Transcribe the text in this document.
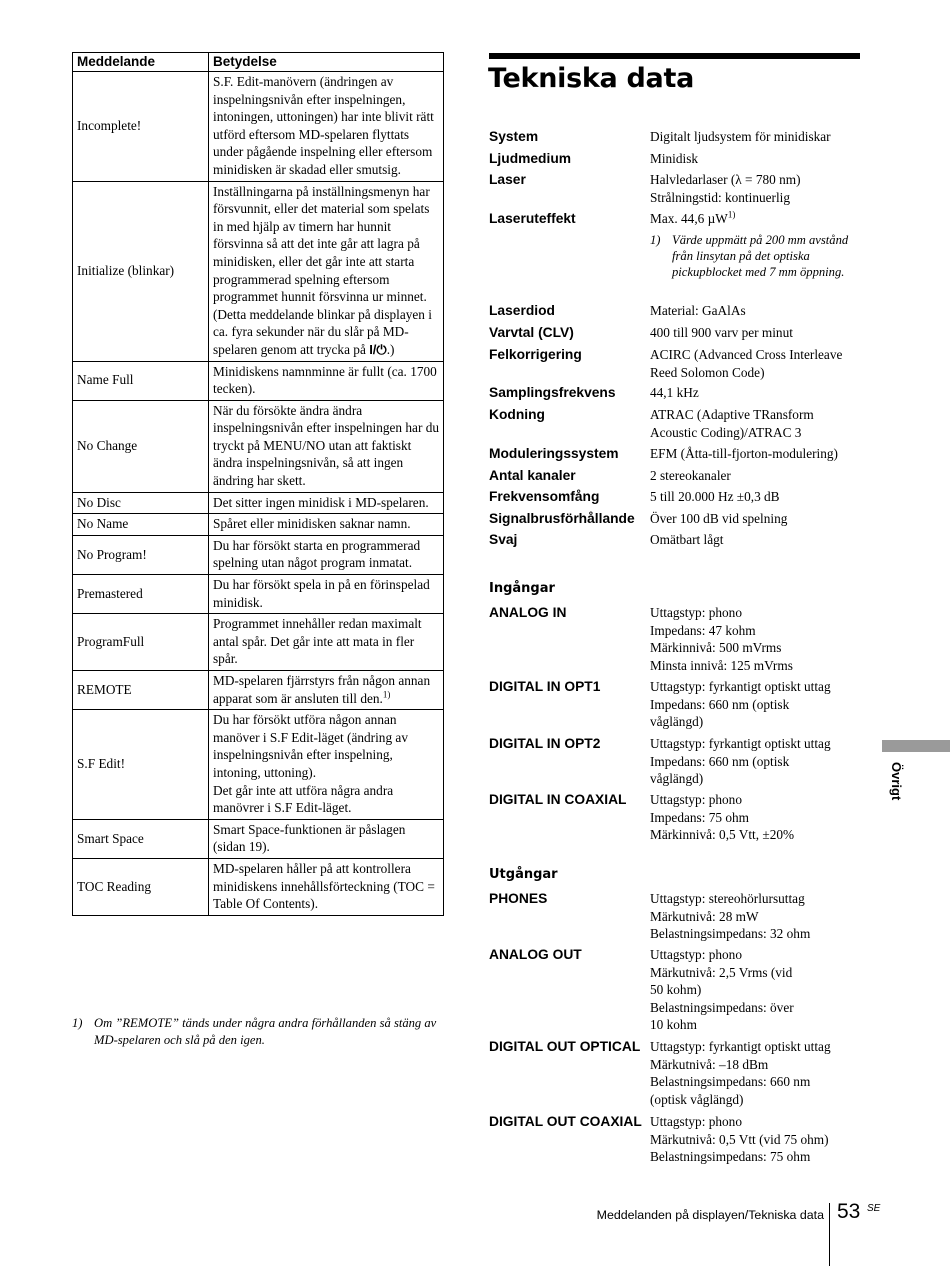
Meddelande	Betydelse
Incomplete!	S.F. Edit-manövern (ändringen av inspelningsnivån efter inspelningen, intoningen, uttoningen) har inte blivit rätt utförd eftersom MD-spelaren flyttats under pågående inspelning eller eftersom minidisken är skadad eller smutsig.
Initialize (blinkar)	Inställningarna på inställningsmenyn har försvunnit, eller det material som spelats in med hjälp av timern har hunnit försvinna så att det inte går att lagra på minidisken, eller det går inte att starta programmerad spelning eftersom programmet hunnit försvinna ur minnet.
(Detta meddelande blinkar på displayen i ca. fyra sekunder när du slår på MD-spelaren genom att trycka på I/⏻.)
Name Full	Minidiskens namnminne är fullt (ca. 1700 tecken).
No Change	När du försökte ändra ändra inspelningsnivån efter inspelningen har du tryckt på MENU/NO utan att faktiskt ändra inspelningsnivån, så att ingen ändring har skett.
No Disc	Det sitter ingen minidisk i MD-spelaren.
No Name	Spåret eller minidisken saknar namn.
No Program!	Du har försökt starta en programmerad spelning utan något program inmatat.
Premastered	Du har försökt spela in på en förinspelad minidisk.
ProgramFull	Programmet innehåller redan maximalt antal spår. Det går inte att mata in fler spår.
REMOTE	MD-spelaren fjärrstyrs från någon annan apparat som är ansluten till den.$^{1)}$
S.F Edit!	Du har försökt utföra någon annan manöver i S.F Edit-läget (ändring av inspelningsnivån efter inspelning, intoning, uttoning).
Det går inte att utföra några andra manövrer i S.F Edit-läget.
Smart Space	Smart Space-funktionen är påslagen (sidan 19).
TOC Reading	MD-spelaren håller på att kontrollera minidiskens innehållsförteckning (TOC = Table Of Contents).
1) Om ”REMOTE” tänds under några andra förhållanden så stäng av MD-spelaren och slå på den igen.
Tekniska data
System	Digitalt ljudsystem för minidiskar
Ljudmedium	Minidisk
Laser	Halvledarlaser (λ = 780 nm)
Strålningstid: kontinuerlig
Laseruteffekt	Max. 44,6 µW$^{1)}$
1) Värde uppmätt på 200 mm avstånd från linsytan på det optiska pickupblocket med 7 mm öppning.
Laserdiod	Material: GaAlAs
Varvtal (CLV)	400 till 900 varv per minut
Felkorrigering	ACIRC (Advanced Cross Interleave
Reed Solomon Code)
Samplingsfrekvens	44,1 kHz
Kodning	ATRAC (Adaptive TRansform
Acoustic Coding)/ATRAC 3
Moduleringssystem EFM (Åtta-till-fjorton-modulering)
Antal kanaler	2 stereokanaler
Frekvensomfång	5 till 20.000 Hz ±0,3 dB
Signalbrusförhållande Över 100 dB vid spelning
Svaj	Omätbart lågt
Ingångar
ANALOG IN	Uttagstyp: phono
Impedans: 47 kohm
Märkinnivå: 500 mVrms
Minsta innivå: 125 mVrms
DIGITAL IN OPT1	Uttagstyp: fyrkantigt optiskt uttag
Impedans: 660 nm (optisk
våglängd)
DIGITAL IN OPT2	Uttagstyp: fyrkantigt optiskt uttag
Impedans: 660 nm (optisk
våglängd)
DIGITAL IN COAXIAL Uttagstyp: phono
Impedans: 75 ohm
Märkinnivå: 0,5 Vtt, ±20%
Utgångar
PHONES	Uttagstyp: stereohörlursuttag
Märkutnivå: 28 mW
Belastningsimpedans: 32 ohm
ANALOG OUT	Uttagstyp: phono
Märkutnivå: 2,5 Vrms (vid
50 kohm)
Belastningsimpedans: över
10 kohm
DIGITAL OUT OPTICAL Uttagstyp: fyrkantigt optiskt uttag
Märkutnivå: –18 dBm
Belastningsimpedans: 660 nm
(optisk våglängd)
DIGITAL OUT COAXIAL Uttagstyp: phono
Märkutnivå: 0,5 Vtt (vid 75 ohm)
Belastningsimpedans: 75 ohm
Övrigt
Meddelanden på displayen/Tekniska data 53 SE
